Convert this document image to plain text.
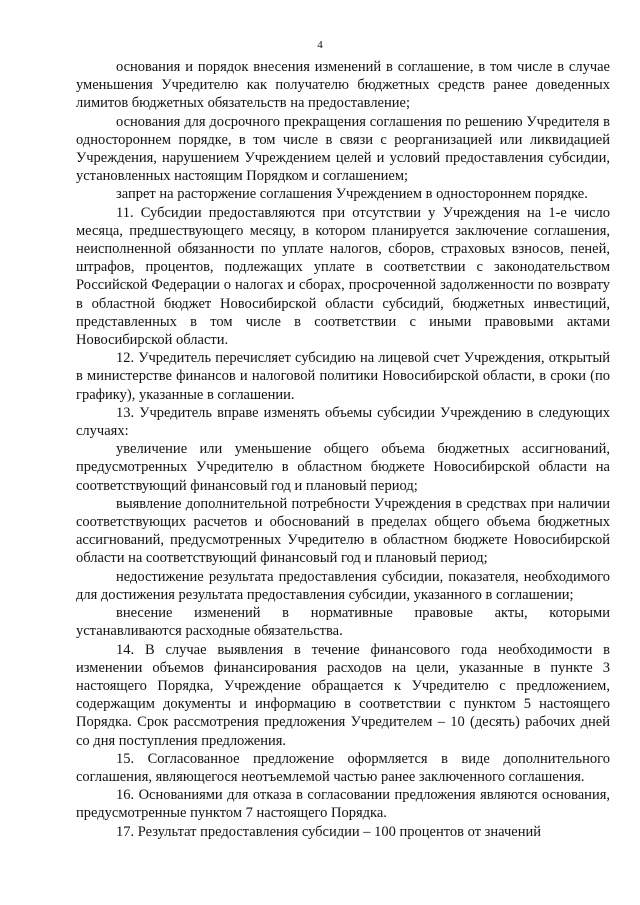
4

основания и порядок внесения изменений в соглашение, в том числе в случае уменьшения Учредителю как получателю бюджетных средств ранее доведенных лимитов бюджетных обязательств на предоставление;

основания для досрочного прекращения соглашения по решению Учредителя в одностороннем порядке, в том числе в связи с реорганизацией или ликвидацией Учреждения, нарушением Учреждением целей и условий предоставления субсидии, установленных настоящим Порядком и соглашением;

запрет на расторжение соглашения Учреждением в одностороннем порядке.

11. Субсидии предоставляются при отсутствии у Учреждения на 1-е число месяца, предшествующего месяцу, в котором планируется заключение соглашения, неисполненной обязанности по уплате налогов, сборов, страховых взносов, пеней, штрафов, процентов, подлежащих уплате в соответствии с законодательством Российской Федерации о налогах и сборах, просроченной задолженности по возврату в областной бюджет Новосибирской области субсидий, бюджетных инвестиций, представленных в том числе в соответствии с иными правовыми актами Новосибирской области.

12. Учредитель перечисляет субсидию на лицевой счет Учреждения, открытый в министерстве финансов и налоговой политики Новосибирской области, в сроки (по графику), указанные в соглашении.

13. Учредитель вправе изменять объемы субсидии Учреждению в следующих случаях:

увеличение или уменьшение общего объема бюджетных ассигнований, предусмотренных Учредителю в областном бюджете Новосибирской области на соответствующий финансовый год и плановый период;

выявление дополнительной потребности Учреждения в средствах при наличии соответствующих расчетов и обоснований в пределах общего объема бюджетных ассигнований, предусмотренных Учредителю в областном бюджете Новосибирской области на соответствующий финансовый год и плановый период;

недостижение результата предоставления субсидии, показателя, необходимого для достижения результата предоставления субсидии, указанного в соглашении;

внесение изменений в нормативные правовые акты, которыми устанавливаются расходные обязательства.

14. В случае выявления в течение финансового года необходимости в изменении объемов финансирования расходов на цели, указанные в пункте 3 настоящего Порядка, Учреждение обращается к Учредителю с предложением, содержащим документы и информацию в соответствии с пунктом 5 настоящего Порядка. Срок рассмотрения предложения Учредителем – 10 (десять) рабочих дней со дня поступления предложения.

15. Согласованное предложение оформляется в виде дополнительного соглашения, являющегося неотъемлемой частью ранее заключенного соглашения.

16. Основаниями для отказа в согласовании предложения являются основания, предусмотренные пунктом 7 настоящего Порядка.

17. Результат предоставления субсидии – 100 процентов от значений
